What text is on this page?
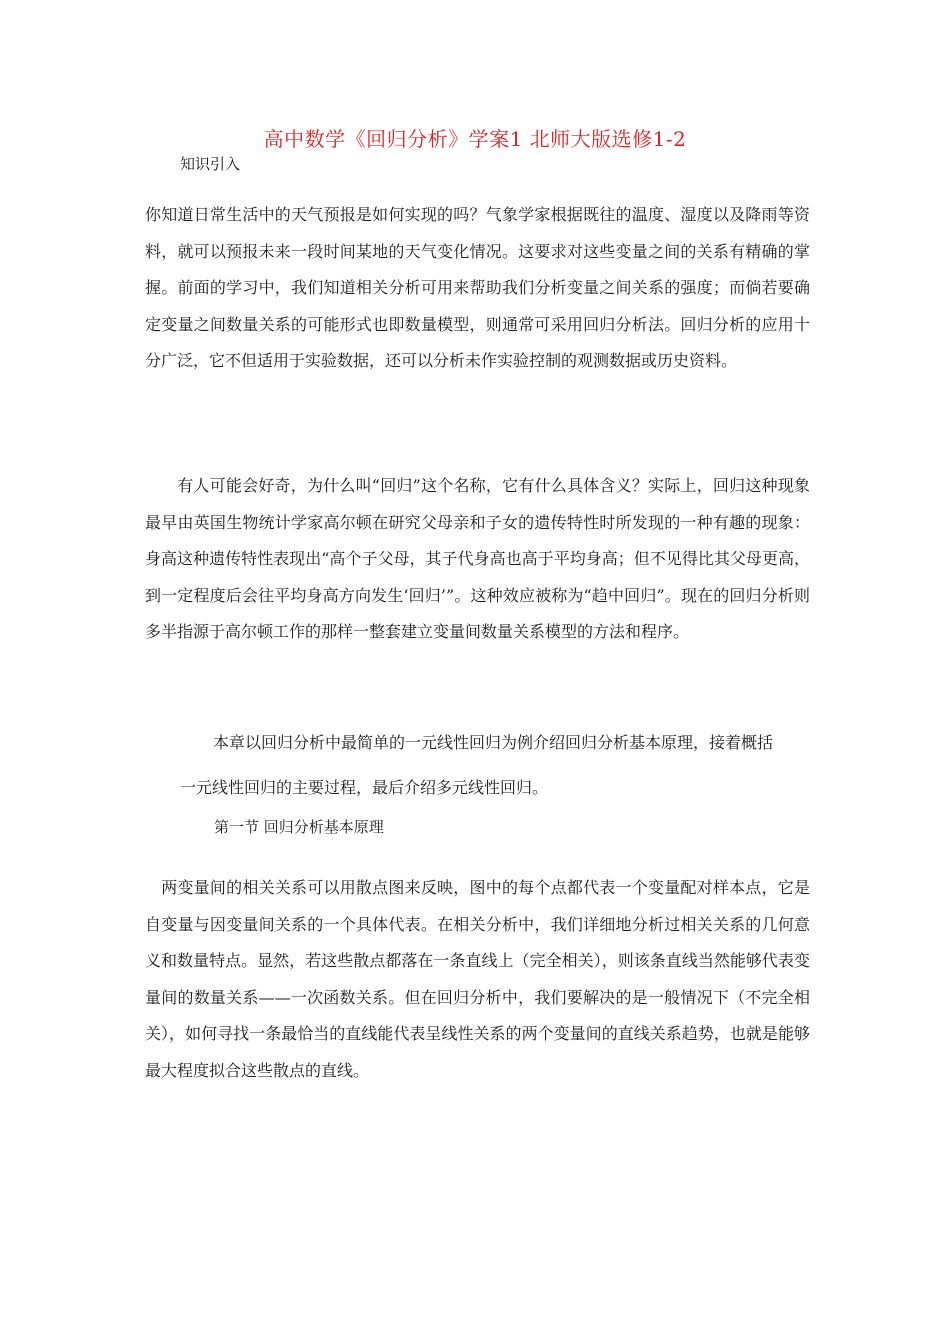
高中数学《回归分析》学案1 北师大版选修1-2

知识引入

你知道日常生活中的天气预报是如何实现的吗？气象学家根据既往的温度、湿度以及降雨等资料，就可以预报未来一段时间某地的天气变化情况。这要求对这些变量之间的关系有精确的掌握。前面的学习中，我们知道相关分析可用来帮助我们分析变量之间关系的强度；而倘若要确定变量之间数量关系的可能形式也即数量模型，则通常可采用回归分析法。回归分析的应用十分广泛，它不但适用于实验数据，还可以分析未作实验控制的观测数据或历史资料。

有人可能会好奇，为什么叫“回归”这个名称，它有什么具体含义？实际上，回归这种现象最早由英国生物统计学家高尔顿在研究父母亲和子女的遗传特性时所发现的一种有趣的现象：身高这种遗传特性表现出“高个子父母，其子代身高也高于平均身高；但不见得比其父母更高，到一定程度后会往平均身高方向发生‘回归’”。这种效应被称为“趋中回归”。现在的回归分析则多半指源于高尔顿工作的那样一整套建立变量间数量关系模型的方法和程序。

本章以回归分析中最简单的一元线性回归为例介绍回归分析基本原理，接着概括

一元线性回归的主要过程，最后介绍多元线性回归。

第一节 回归分析基本原理

两变量间的相关关系可以用散点图来反映，图中的每个点都代表一个变量配对样本点，它是自变量与因变量间关系的一个具体代表。在相关分析中，我们详细地分析过相关关系的几何意义和数量特点。显然，若这些散点都落在一条直线上（完全相关），则该条直线当然能够代表变量间的数量关系——一次函数关系。但在回归分析中，我们要解决的是一般情况下（不完全相关），如何寻找一条最恰当的直线能代表呈线性关系的两个变量间的直线关系趋势，也就是能够最大程度拟合这些散点的直线。
